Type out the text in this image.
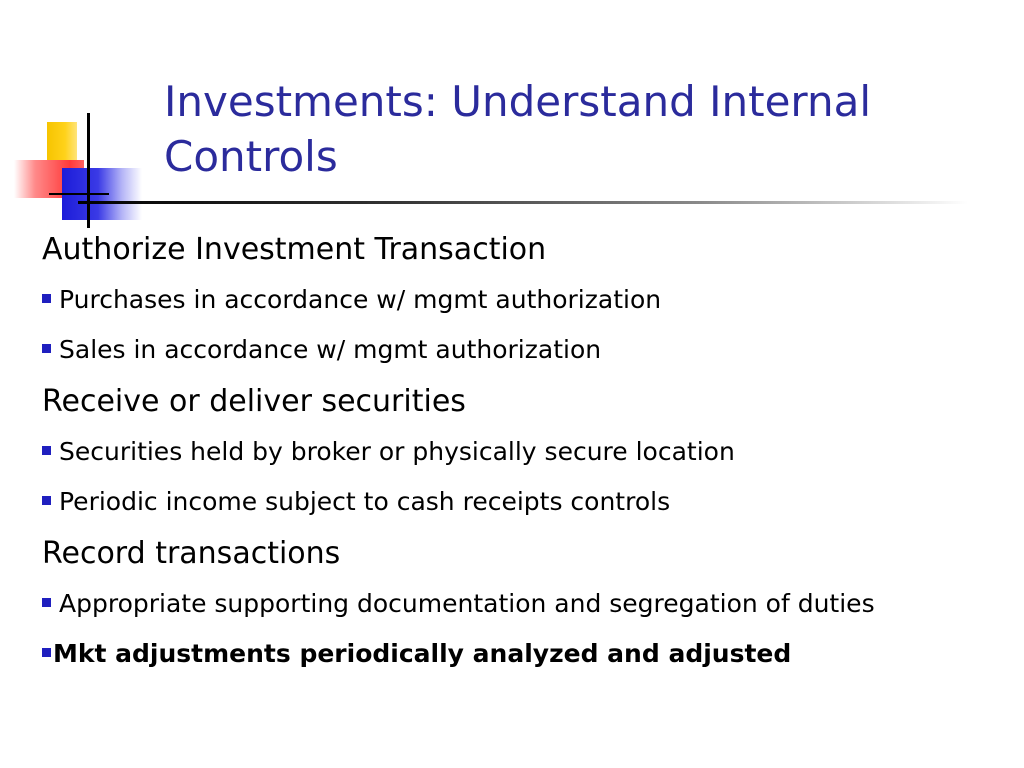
Investments: Understand Internal Controls

Authorize Investment Transaction

Purchases in accordance w/ mgmt authorization

Sales in accordance w/ mgmt authorization

Receive or deliver securities

Securities held by broker or physically secure location

Periodic income subject to cash receipts controls

Record transactions

Appropriate supporting documentation and segregation of duties

Mkt adjustments periodically analyzed and adjusted
